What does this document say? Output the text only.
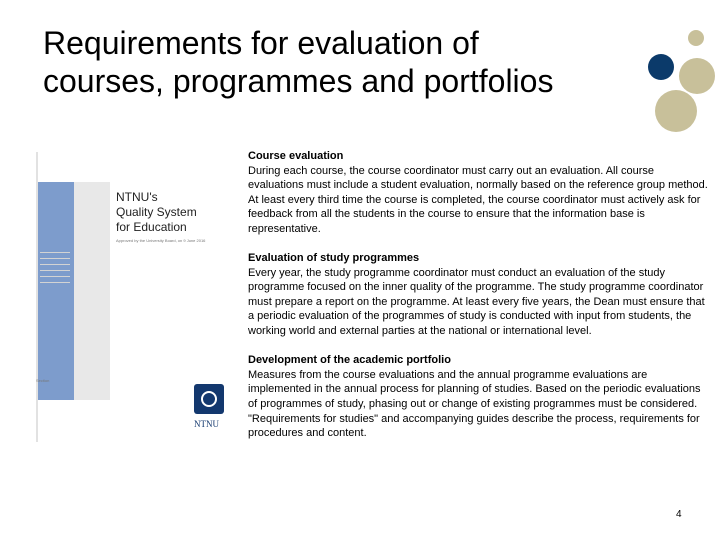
Requirements for evaluation of
courses, programmes and portfolios
NTNU's
Quality System
for Education
Approved by the University Board, on 9 June 2016
Section
NTNU
Course evaluation

During each course, the course coordinator must carry out an evaluation. All course evaluations must include a student evaluation, normally based on the reference group method. At least every third time the course is completed, the course coordinator must actively ask for feedback from all the students in the course to ensure that the information base is representative.

Evaluation of study programmes

Every year, the study programme coordinator must conduct an evaluation of the study programme focused on the inner quality of the programme. The study programme coordinator must prepare a report on the programme. At least every five years, the Dean must ensure that a periodic evaluation of the programmes of study is conducted with input from students, the working world and external parties at the national or international level.

Development of the academic portfolio

Measures from the course evaluations and the annual programme evaluations are implemented in the annual process for planning of studies. Based on the periodic evaluations of programmes of study, phasing out or change of existing programmes must be considered. "Requirements for studies" and accompanying guides describe the process, requirements for procedures and content.

4
